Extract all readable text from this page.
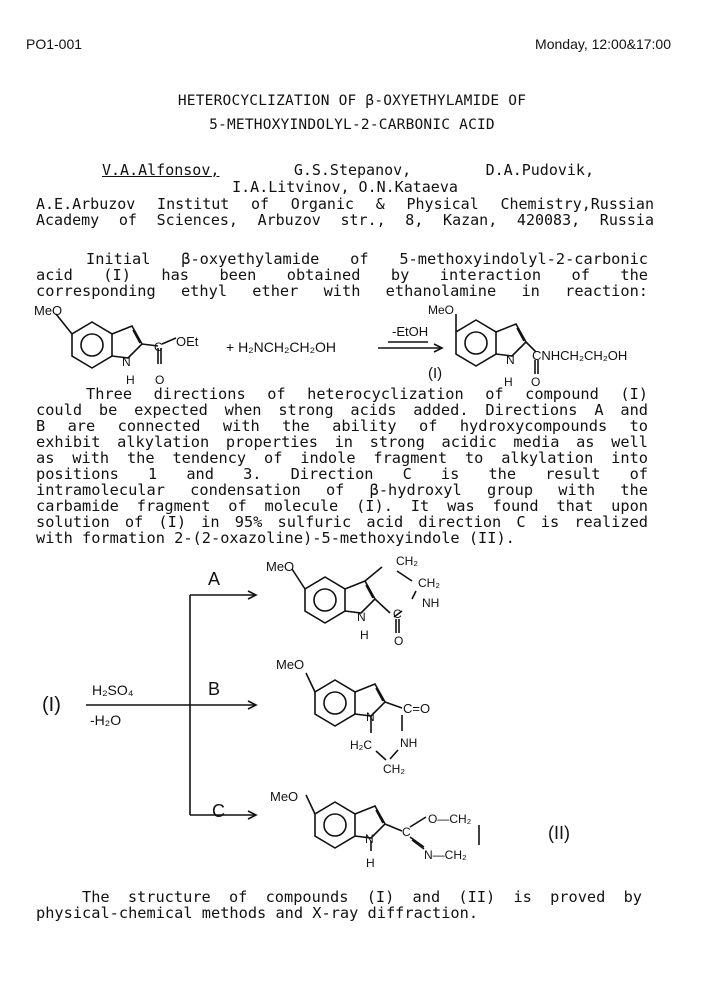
PO1-001	Monday, 12:00&17:00
HETEROCYCLIZATION OF β-OXYETHYLAMIDE OF
5-METHOXYINDOLYL-2-CARBONIC ACID
V.A.Alfonsov,	G.S.Stepanov,	D.A.Pudovik,
I.A.Litvinov, O.N.Kataeva
A.E.Arbuzov Institut of Organic & Physical Chemistry,Russian
Academy of Sciences, Arbuzov str., 8, Kazan, 420083, Russia
Initial β-oxyethylamide of 5-methoxyindolyl-2-carbonic
acid (I) has been obtained by interaction of the
corresponding ethyl ether with ethanolamine in reaction:
MeO
N
H
C
O
OEt + H₂NCH₂CH₂OH
-EtOH
MeO
N
H O
CNHCH₂CH₂OH
(I)
Three directions of heterocyclization of compound (I)
could be expected when strong acids added. Directions A and
B are connected with the ability of hydroxycompounds to
exhibit alkylation properties in strong acidic media as well
as with the tendency of indole fragment to alkylation into
positions 1 and 3. Direction C is the result of
intramolecular condensation of β-hydroxyl group with the
carbamide fragment of molecule (I). It was found that upon
solution of (I) in 95% sulfuric acid direction C is realized
with formation 2-(2-oxazoline)-5-methoxyindole (II).
(I)
H₂SO₄
-H₂O
A
B
C
MeO	CH₂
CH₂
NH
N
H
C
O
MeO
N
C=O
H₂C NH
CH₂
MeO
N
H
C
O—CH₂
N—CH₂
(II)
The structure of compounds (I) and (II) is proved by
physical-chemical methods and X-ray diffraction.
